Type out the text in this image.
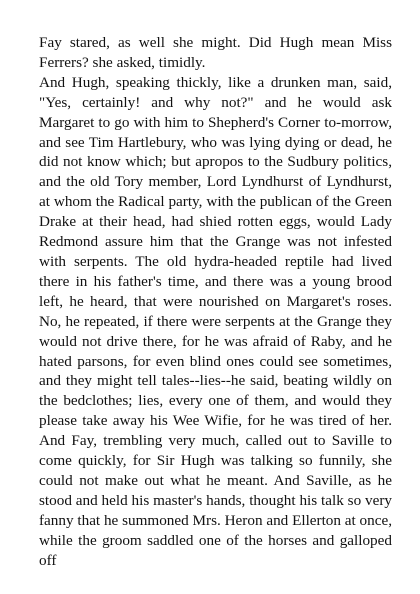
Fay stared, as well she might. Did Hugh mean Miss Ferrers? she asked, timidly.

And Hugh, speaking thickly, like a drunken man, said, "Yes, certainly! and why not?" and he would ask Margaret to go with him to Shepherd's Corner to-morrow, and see Tim Hartlebury, who was lying dying or dead, he did not know which; but apropos to the Sudbury politics, and the old Tory member, Lord Lyndhurst of Lyndhurst, at whom the Radical party, with the publican of the Green Drake at their head, had shied rotten eggs, would Lady Redmond assure him that the Grange was not infested with serpents. The old hydra-headed reptile had lived there in his father's time, and there was a young brood left, he heard, that were nourished on Margaret's roses. No, he repeated, if there were serpents at the Grange they would not drive there, for he was afraid of Raby, and he hated parsons, for even blind ones could see sometimes, and they might tell tales--lies--he said, beating wildly on the bedclothes; lies, every one of them, and would they please take away his Wee Wifie, for he was tired of her. And Fay, trembling very much, called out to Saville to come quickly, for Sir Hugh was talking so funnily, she could not make out what he meant. And Saville, as he stood and held his master's hands, thought his talk so very fanny that he summoned Mrs. Heron and Ellerton at once, while the groom saddled one of the horses and galloped off
